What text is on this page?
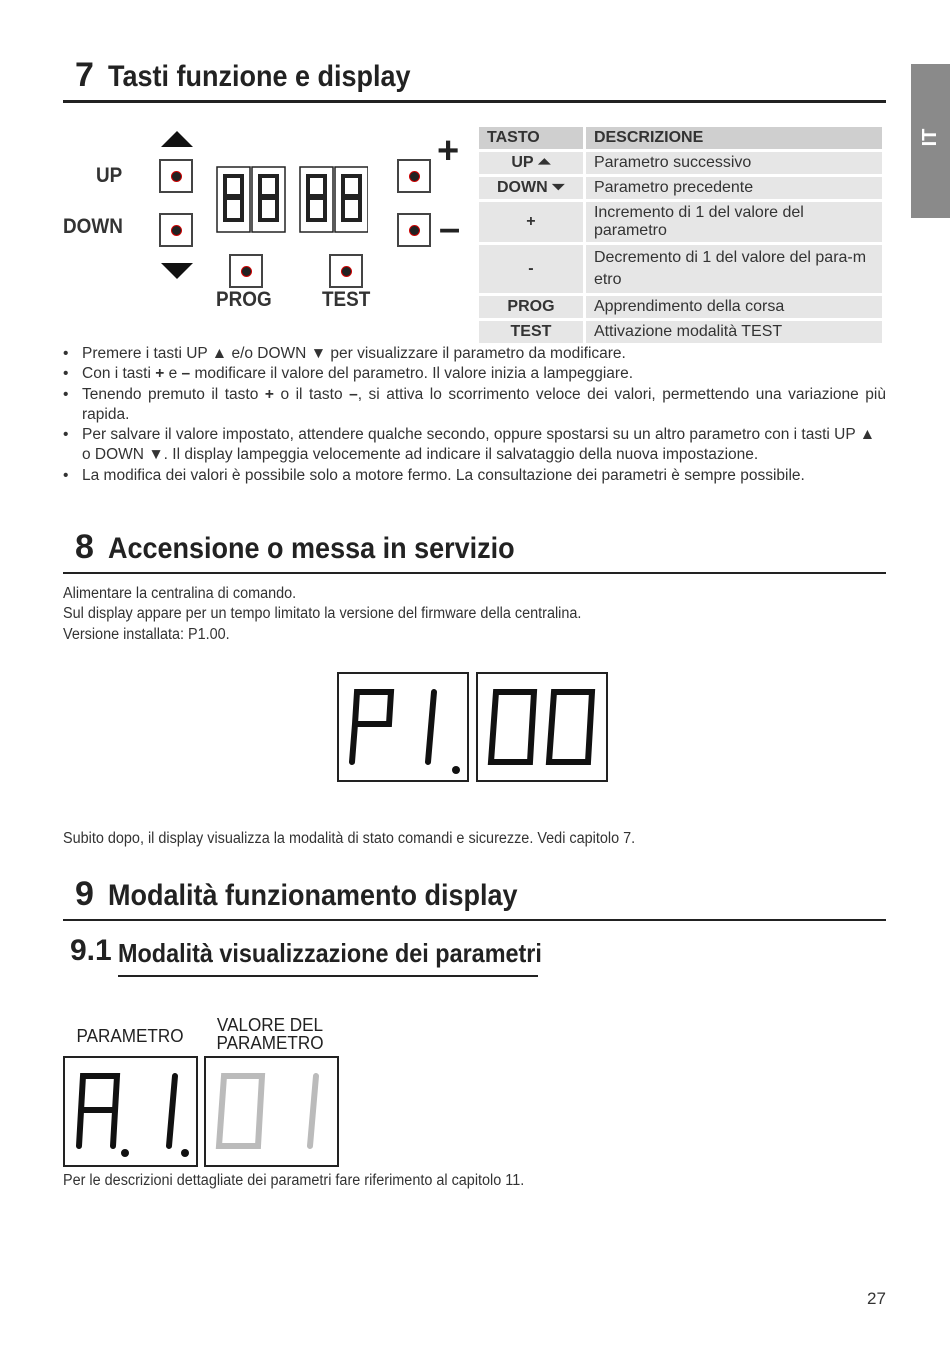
IT
7 Tasti funzione e display
UP
DOWN
PROG TEST
+
–
TASTO	DESCRIZIONE
UP ⏶	Parametro successivo
DOWN ⏷	Parametro precedente
+	Incremento di 1 del valore del parametro
-	Decremento di 1 del valore del para-metro
PROG	Apprendimento della corsa
TEST	Attivazione modalità TEST
• Premere i tasti UP ▲ e/o DOWN ▼ per visualizzare il parametro da modificare.
• Con i tasti + e – modificare il valore del parametro. Il valore inizia a lampeggiare.
• Tenendo premuto il tasto + o il tasto –, si attiva lo scorrimento veloce dei valori, permettendo una variazione più rapida.
• Per salvare il valore impostato, attendere qualche secondo, oppure spostarsi su un altro parametro con i tasti UP ▲ o DOWN ▼. Il display lampeggia velocemente ad indicare il salvataggio della nuova impostazione.
• La modifica dei valori è possibile solo a motore fermo. La consultazione dei parametri è sempre possibile.
8 Accensione o messa in servizio
Alimentare la centralina di comando.
Sul display appare per un tempo limitato la versione del firmware della centralina.
Versione installata: P1.00.
Subito dopo, il display visualizza la modalità di stato comandi e sicurezze. Vedi capitolo 7.
9 Modalità funzionamento display
9.1 Modalità visualizzazione dei parametri
PARAMETRO
VALORE DEL
PARAMETRO
Per le descrizioni dettagliate dei parametri fare riferimento al capitolo 11.
27
